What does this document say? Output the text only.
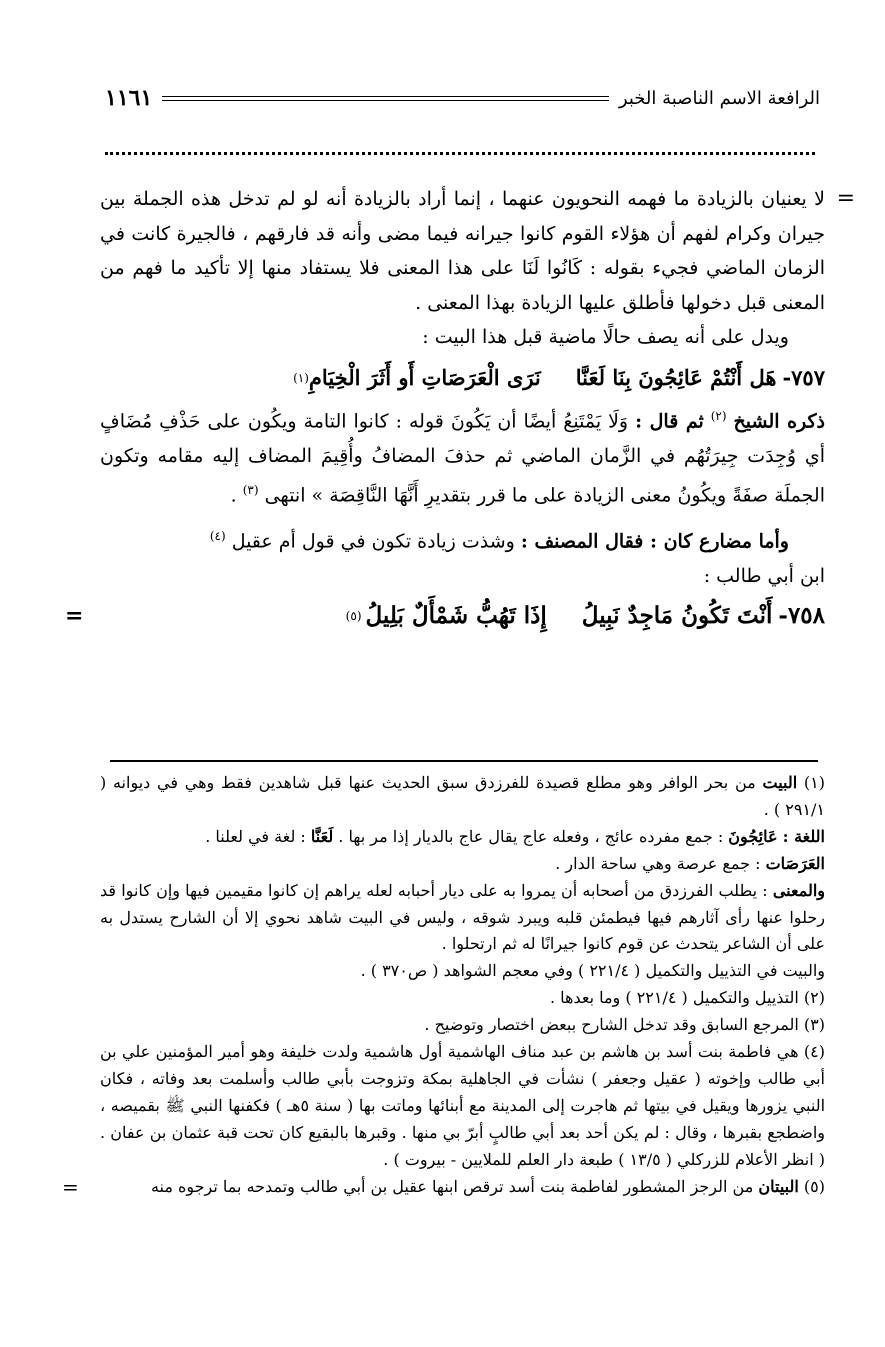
الرافعة الاسم الناصبة الخبر
١١٦١
=

لا يعنيان بالزيادة ما فهمه النحويون عنهما ، إنما أراد بالزيادة أنه لو لم تدخل هذه الجملة بين جيران وكرام لفهم أن هؤلاء القوم كانوا جيرانه فيما مضى وأنه قد فارقهم ، فالجيرة كانت في الزمان الماضي فجيء بقوله : كَانُوا لَنَا على هذا المعنى فلا يستفاد منها إلا تأكيد ما فهم من المعنى قبل دخولها فأطلق عليها الزيادة بهذا المعنى .

ويدل على أنه يصف حالًا ماضية قبل هذا البيت :

٧٥٧-
هَل أَنْتُمْ عَائِجُونَ بِنَا لَعَنَّا
نَرَى الْعَرَصَاتِ أَو أَثَرَ الْخِيَامِ
(١)

ذكره الشيخ $^{(٢)}$ ثم قال : وَلَا يَمْتَنِعُ أيضًا أن يَكُونَ قوله : كانوا التامة ويكُون على حَذْفِ مُضَافٍ أي وُجِدَت جِيرَتُهُم في الزَّمان الماضي ثم حذفَ المضافُ وأُقِيمَ المضاف إليه مقامه وتكون الجملَة صفَةً ويكُونُ معنى الزيادة على ما قرر بتقديرِ أَنَّهَا النَّاقِصَة » انتهى $^{(٣)}$ .

وأما مضارع كان : فقال المصنف : وشذت زيادة تكون في قول أم عقيل $^{(٤)}$

ابن أبي طالب :

٧٥٨-
أَنْتَ تَكُونُ مَاجِدٌ نَبِيلُ
إِذَا تَهُبُّ شَمْأَلٌ بَلِيلُ
(٥)
=

(١) البيت من بحر الوافر وهو مطلع قصيدة للفرزدق سبق الحديث عنها قبل شاهدين فقط وهي في ديوانه ( ٢٩١/١ ) .

اللغة : عَائِجُونَ : جمع مفرده عائج ، وفعله عاج يقال عاج بالديار إذا مر بها . لَعَنَّا : لغة في لعلنا .

العَرَصَات : جمع عرصة وهي ساحة الدار .

والمعنى : يطلب الفرزدق من أصحابه أن يمروا به على ديار أحبابه لعله يراهم إن كانوا مقيمين فيها وإن كانوا قد رحلوا عنها رأى آثارهم فيها فيطمئن قلبه ويبرد شوقه ، وليس في البيت شاهد نحوي إلا أن الشارح يستدل به على أن الشاعر يتحدث عن قوم كانوا جيرانًا له ثم ارتحلوا .

والبيت في التذييل والتكميل ( ٢٢١/٤ ) وفي معجم الشواهد ( ص٣٧٠ ) .

(٢) التذييل والتكميل ( ٢٢١/٤ ) وما بعدها .

(٣) المرجع السابق وقد تدخل الشارح ببعض اختصار وتوضيح .

(٤) هي فاطمة بنت أسد بن هاشم بن عبد مناف الهاشمية أول هاشمية ولدت خليفة وهو أمير المؤمنين علي بن أبي طالب وإخوته ( عقيل وجعفر ) نشأت في الجاهلية بمكة وتزوجت بأبي طالب وأسلمت بعد وفاته ، فكان النبي يزورها ويقيل في بيتها ثم هاجرت إلى المدينة مع أبنائها وماتت بها ( سنة ٥هـ ) فكفنها النبي ﷺ بقميصه ، واضطجع بقبرها ، وقال : لم يكن أحد بعد أبي طالبٍ أبرّ بي منها . وقبرها بالبقيع كان تحت قبة عثمان بن عفان . ( انظر الأعلام للزركلي ( ١٣/٥ ) طبعة دار العلم للملايين - بيروت ) .

(٥) البيتان من الرجز المشطور لفاطمة بنت أسد ترقص ابنها عقيل بن أبي طالب وتمدحه بما ترجوه منه
=
